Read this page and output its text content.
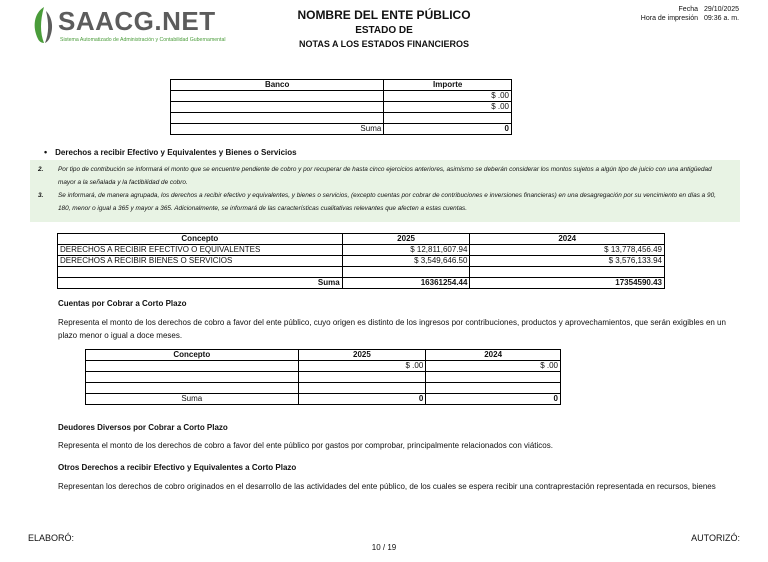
SAACG.NET
Sistema Automatizado de Administración y Contabilidad Gubernamental
NOMBRE DEL ENTE PÚBLICO
ESTADO DE
NOTAS A LOS ESTADOS FINANCIEROS
Fecha 29/10/2025
Hora de impresión 09:36 a. m.
Banco	Importe
	$ .00
	$ .00

Suma	0
• Derechos a recibir Efectivo y Equivalentes y Bienes o Servicios
2. Por tipo de contribución se informará el monto que se encuentre pendiente de cobro y por recuperar de hasta cinco ejercicios anteriores, asimismo se deberán considerar los montos sujetos a algún tipo de juicio con una antigüedad mayor a la señalada y la factibilidad de cobro.
3. Se informará, de manera agrupada, los derechos a recibir efectivo y equivalentes, y bienes o servicios, (excepto cuentas por cobrar de contribuciones e inversiones financieras) en una desagregación por su vencimiento en días a 90, 180, menor o igual a 365 y mayor a 365. Adicionalmente, se informará de las características cualitativas relevantes que afecten a estas cuentas.
Concepto	2025	2024
DERECHOS A RECIBIR EFECTIVO O EQUIVALENTES	$ 12,811,607.94	$ 13,778,456.49
DERECHOS A RECIBIR BIENES O SERVICIOS	$ 3,549,646.50	$ 3,576,133.94

Suma	16361254.44	17354590.43
Cuentas por Cobrar a Corto Plazo
Representa el monto de los derechos de cobro a favor del ente público, cuyo origen es distinto de los ingresos por contribuciones, productos y aprovechamientos, que serán exigibles en un plazo menor o igual a doce meses.
Concepto	2025	2024
	$ .00	$ .00

Suma	0	0
Deudores Diversos por Cobrar a Corto Plazo
Representa el monto de los derechos de cobro a favor del ente público por gastos por comprobar, principalmente relacionados con viáticos.
Otros Derechos a recibir Efectivo y Equivalentes a Corto Plazo
Representan los derechos de cobro originados en el desarrollo de las actividades del ente público, de los cuales se espera recibir una contraprestación representada en recursos, bienes
ELABORÓ:	AUTORIZÓ:
10 / 19
